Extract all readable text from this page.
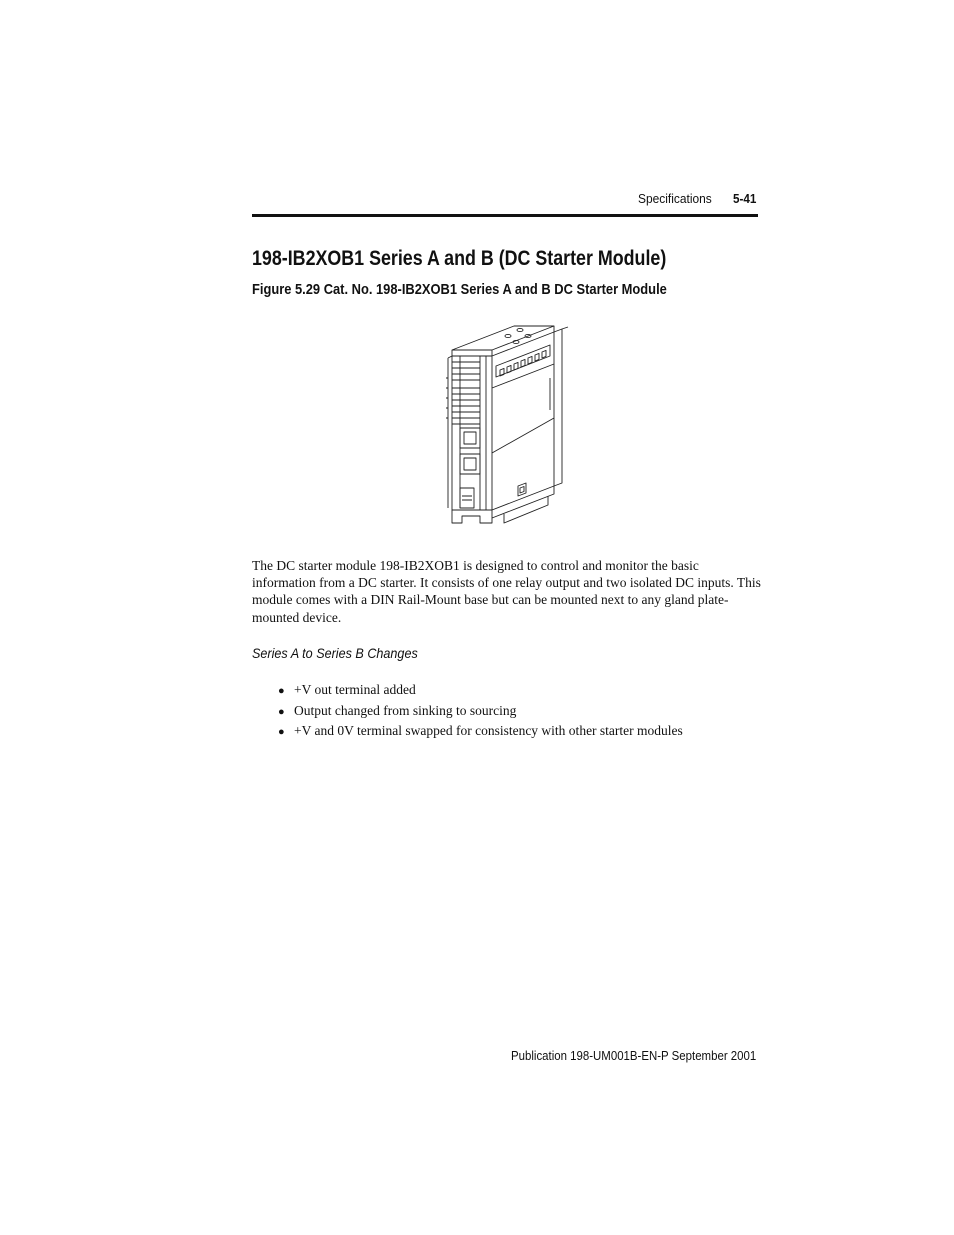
Specifications 5-41
198-IB2XOB1 Series A and B (DC Starter Module)
Figure 5.29 Cat. No. 198-IB2XOB1 Series A and B DC Starter Module

The DC starter module 198-IB2XOB1 is designed to control and monitor the basic information from a DC starter. It consists of one relay output and two isolated DC inputs. This module comes with a DIN Rail-Mount base but can be mounted next to any gland plate-mounted device.

Series A to Series B Changes
● +V out terminal added
● Output changed from sinking to sourcing
● +V and 0V terminal swapped for consistency with other starter modules
Publication 198-UM001B-EN-P September 2001
